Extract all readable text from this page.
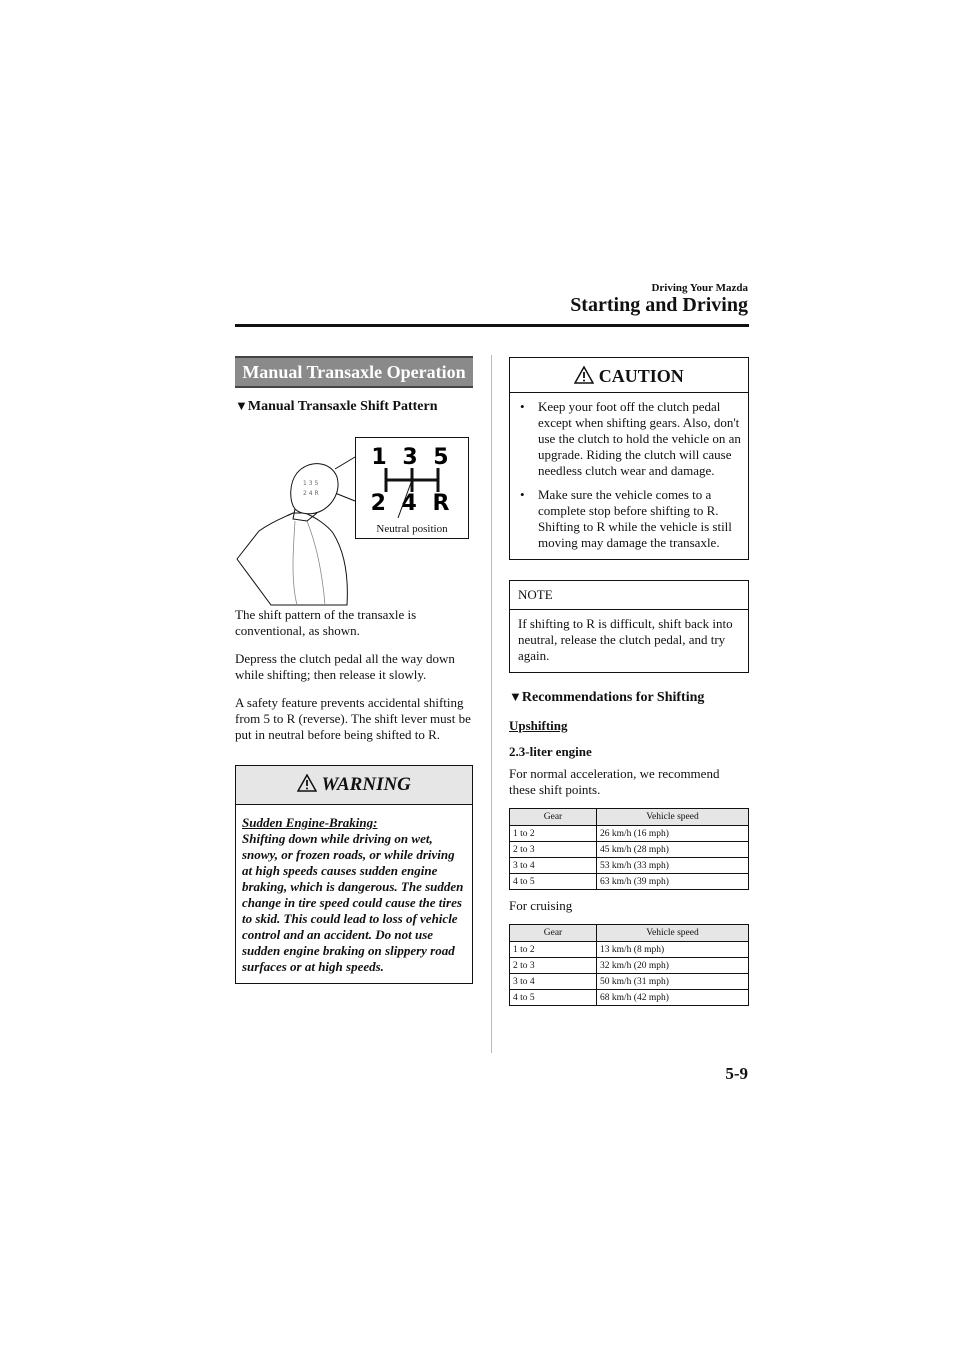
Driving Your Mazda
Starting and Driving
Manual Transaxle Operation
▼Manual Transaxle Shift Pattern
1 3 5
2 4 R
1 3 5
2 4 R
Neutral position

The shift pattern of the transaxle is conventional, as shown.

Depress the clutch pedal all the way down while shifting; then release it slowly.

A safety feature prevents accidental shifting from 5 to R (reverse). The shift lever must be put in neutral before being shifted to R.

WARNING
Sudden Engine-Braking:
Shifting down while driving on wet, snowy, or frozen roads, or while driving at high speeds causes sudden engine braking, which is dangerous. The sudden change in tire speed could cause the tires to skid. This could lead to loss of vehicle control and an accident. Do not use sudden engine braking on slippery road surfaces or at high speeds.
CAUTION
•	Keep your foot off the clutch pedal except when shifting gears. Also, don't use the clutch to hold the vehicle on an upgrade. Riding the clutch will cause needless clutch wear and damage.
•	Make sure the vehicle comes to a complete stop before shifting to R. Shifting to R while the vehicle is still moving may damage the transaxle.
NOTE
If shifting to R is difficult, shift back into neutral, release the clutch pedal, and try again.
▼Recommendations for Shifting
Upshifting
2.3-liter engine
For normal acceleration, we recommend these shift points.
Gear	Vehicle speed
1 to 2	26 km/h (16 mph)
2 to 3	45 km/h (28 mph)
3 to 4	53 km/h (33 mph)
4 to 5	63 km/h (39 mph)
For cruising
Gear	Vehicle speed
1 to 2	13 km/h (8 mph)
2 to 3	32 km/h (20 mph)
3 to 4	50 km/h (31 mph)
4 to 5	68 km/h (42 mph)
5-9
